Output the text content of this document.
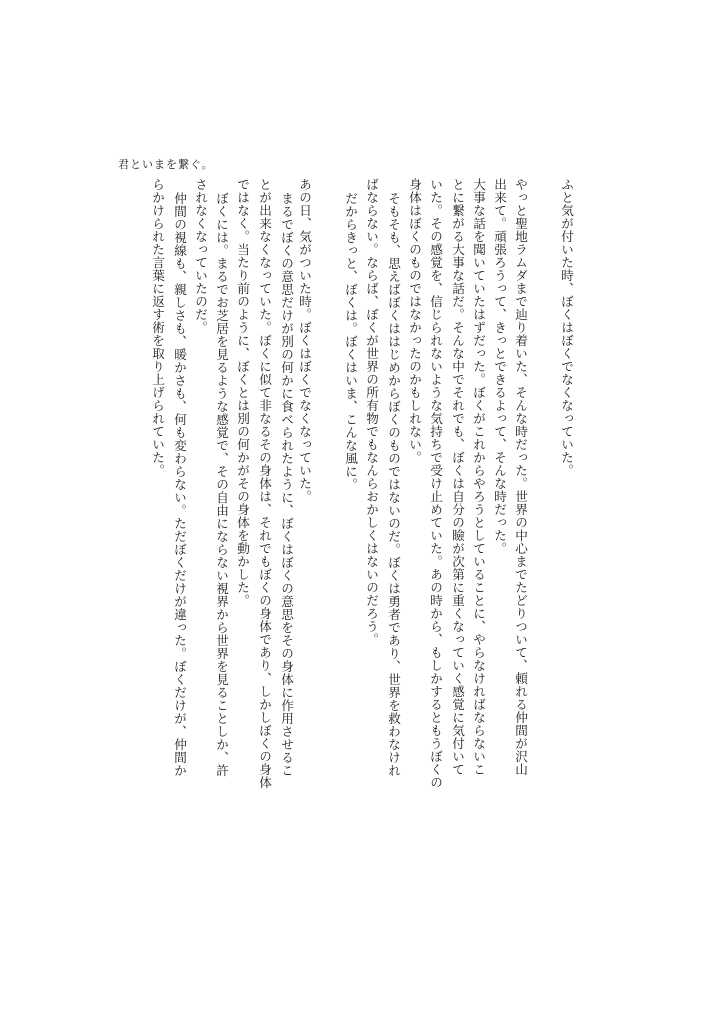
君といまを繋ぐ。
ふと気が付いた時、ぼくはぼくでなくなっていた。
やっと聖地ラムダまで辿り着いた、そんな時だった。世界の中心までたどりついて、頼れる仲間が沢山
出来て。頑張ろうって、きっとできるよって、そんな時だった。
大事な話を聞いていたはずだった。ぼくがこれからやろうとしていることに、やらなければならないこ
とに繋がる大事な話だ。そんな中でそれでも、ぼくは自分の瞼が次第に重くなっていく感覚に気付いて
いた。その感覚を、信じられないような気持ちで受け止めていた。あの時から、もしかするともうぼくの
身体はぼくのものではなかったのかもしれない。
そもそも、思えばぼくははじめからぼくのものではないのだ。ぼくは勇者であり、世界を救わなけれ
ばならない。ならば、ぼくが世界の所有物でもなんらおかしくはないのだろう。
だからきっと、ぼくは。ぼくはいま、こんな風に。
あの日、気がついた時。ぼくはぼくでなくなっていた。
まるでぼくの意思だけが別の何かに食べられたように、ぼくはぼくの意思をその身体に作用させるこ
とが出来なくなっていた。ぼくに似て非なるその身体は、それでもぼくの身体であり、しかしぼくの身体
ではなく。当たり前のように、ぼくとは別の何かがその身体を動かした。
ぼくには。まるでお芝居を見るような感覚で、その自由にならない視界から世界を見ることしか、許
されなくなっていたのだ。
仲間の視線も、親しさも、暖かさも、何も変わらない。ただぼくだけが違った。ぼくだけが、仲間か
らかけられた言葉に返す術を取り上げられていた。
